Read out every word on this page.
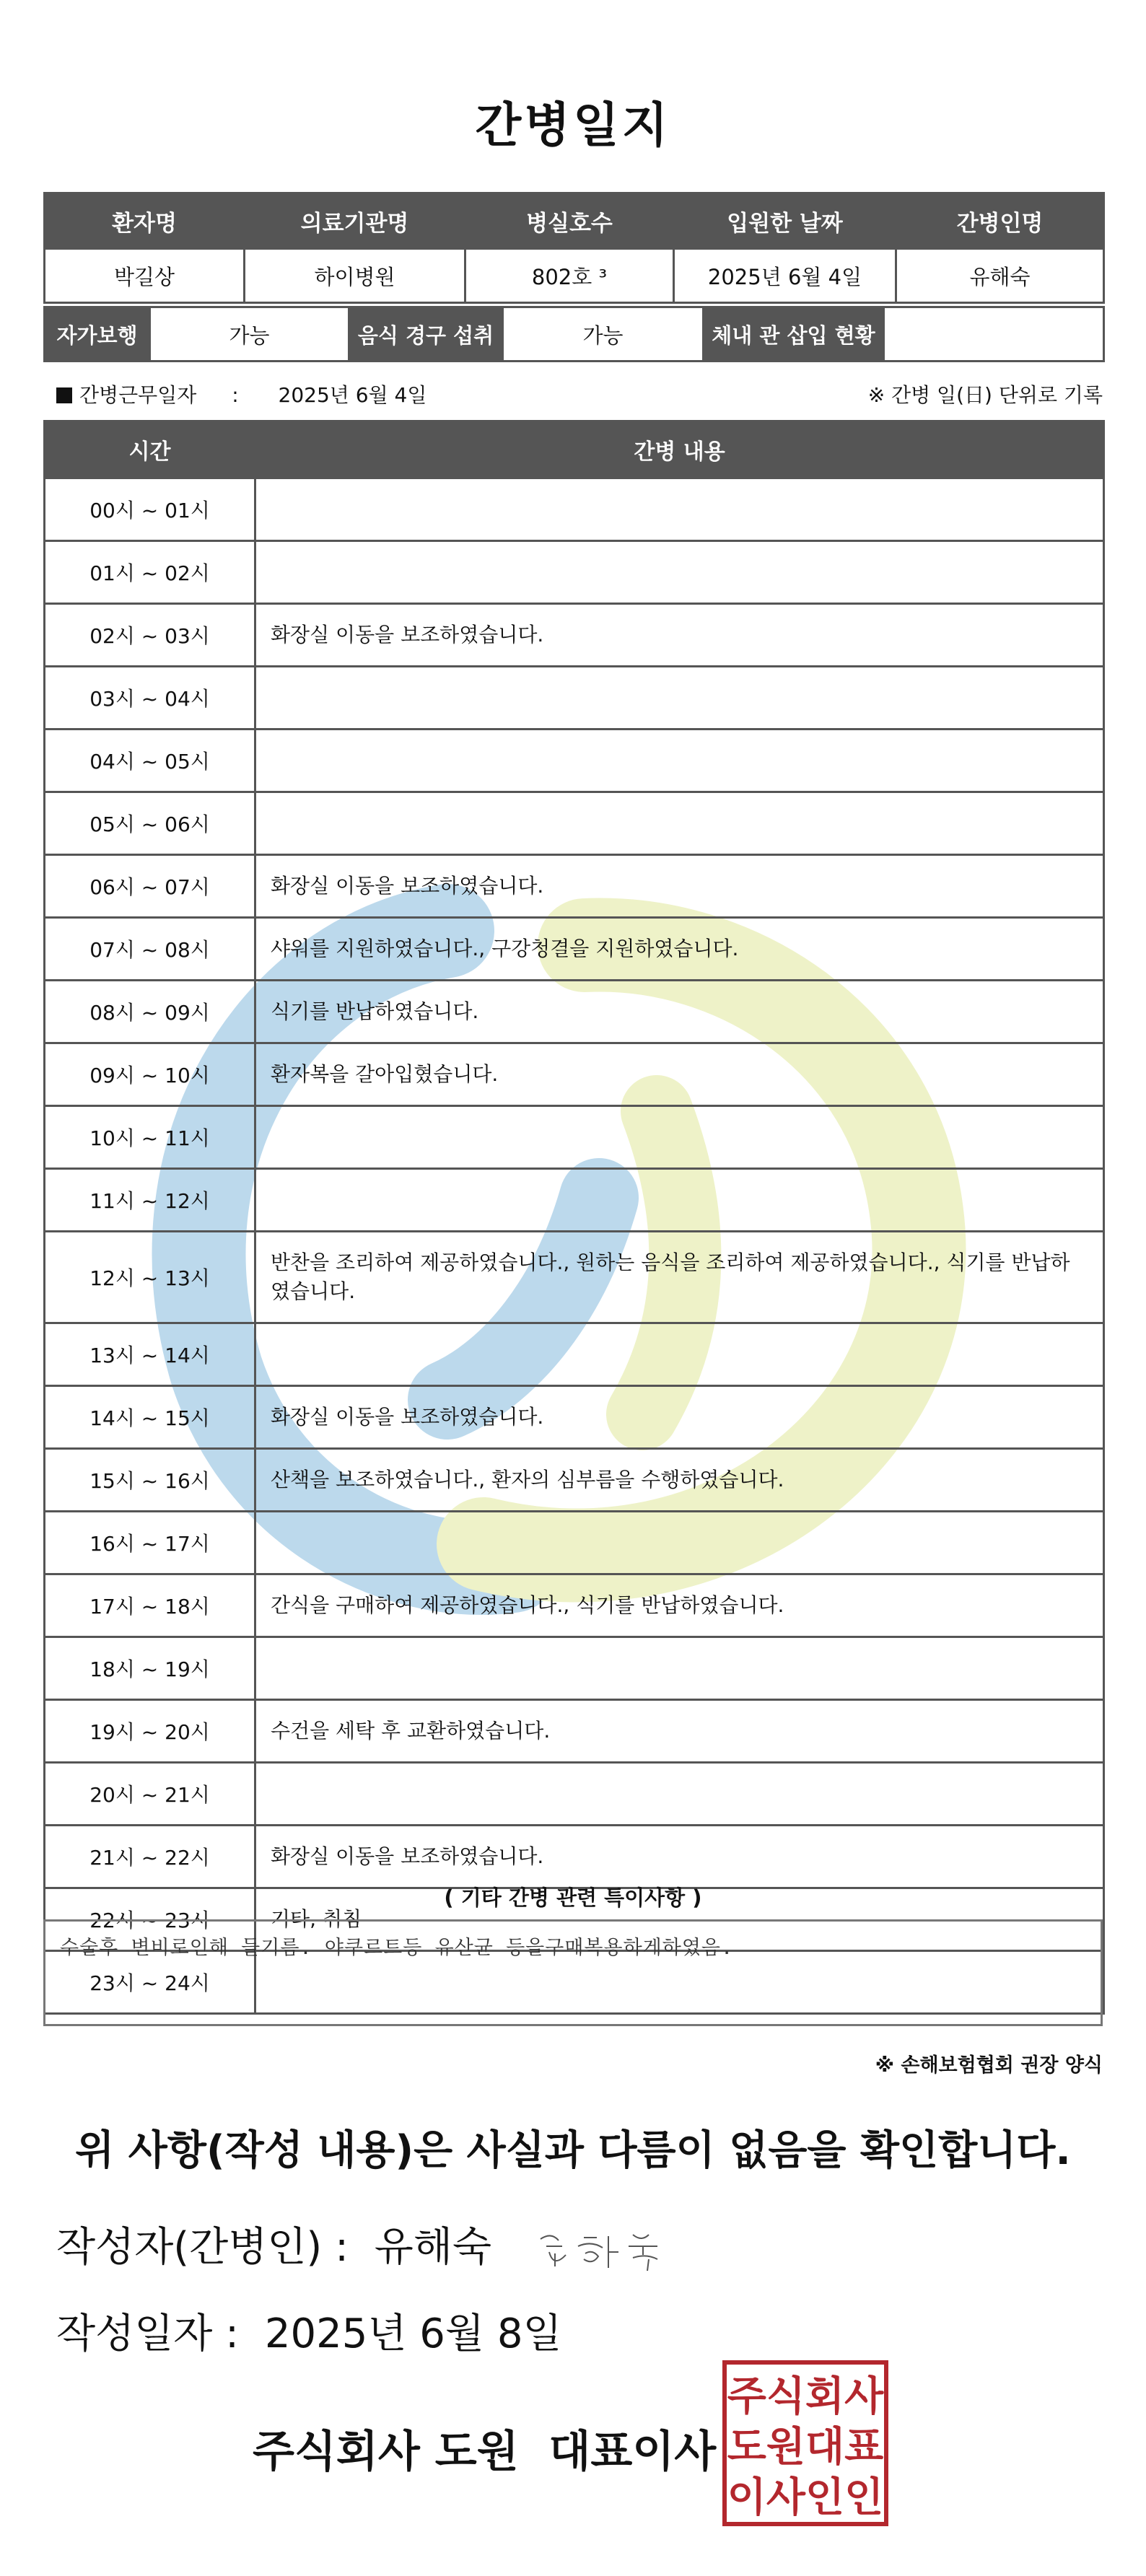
간병일지
환자명	의료기관명	병실호수	입원한 날짜	간병인명
박길상	하이병원	802호 ³	2025년 6월 4일	유해숙
자가보행	가능	음식 경구 섭취	가능	체내 관 삽입 현황	
간병근무일자 : 2025년 6월 4일	※ 간병 일(日) 단위로 기록
시간	간병 내용
00시 ~ 01시	
01시 ~ 02시	
02시 ~ 03시	화장실 이동을 보조하였습니다.
03시 ~ 04시	
04시 ~ 05시	
05시 ~ 06시	
06시 ~ 07시	화장실 이동을 보조하였습니다.
07시 ~ 08시	샤워를 지원하였습니다., 구강청결을 지원하였습니다.
08시 ~ 09시	식기를 반납하였습니다.
09시 ~ 10시	환자복을 갈아입혔습니다.
10시 ~ 11시	
11시 ~ 12시	
12시 ~ 13시	반찬을 조리하여 제공하였습니다., 원하는 음식을 조리하여 제공하였습니다., 식기를 반납하였습니다.
13시 ~ 14시	
14시 ~ 15시	화장실 이동을 보조하였습니다.
15시 ~ 16시	산책을 보조하였습니다., 환자의 심부름을 수행하였습니다.
16시 ~ 17시	
17시 ~ 18시	간식을 구매하여 제공하였습니다., 식기를 반납하였습니다.
18시 ~ 19시	
19시 ~ 20시	수건을 세탁 후 교환하였습니다.
20시 ~ 21시	
21시 ~ 22시	화장실 이동을 보조하였습니다.
22시 ~ 23시	기타, 취침
23시 ~ 24시	
( 기타 간병 관련 특이사항 )
수술후 변비로인해 들기름. 야쿠르트등 유산균 등을구매복용하게하였음.
※ 손해보험협회 권장 양식
위 사항(작성 내용)은 사실과 다름이 없음을 확인합니다.
작성자(간병인) : 유해숙
작성일자 : 2025년 6월 8일
주식회사 도원  대표이사
주식회사
도원대표
이사인인
